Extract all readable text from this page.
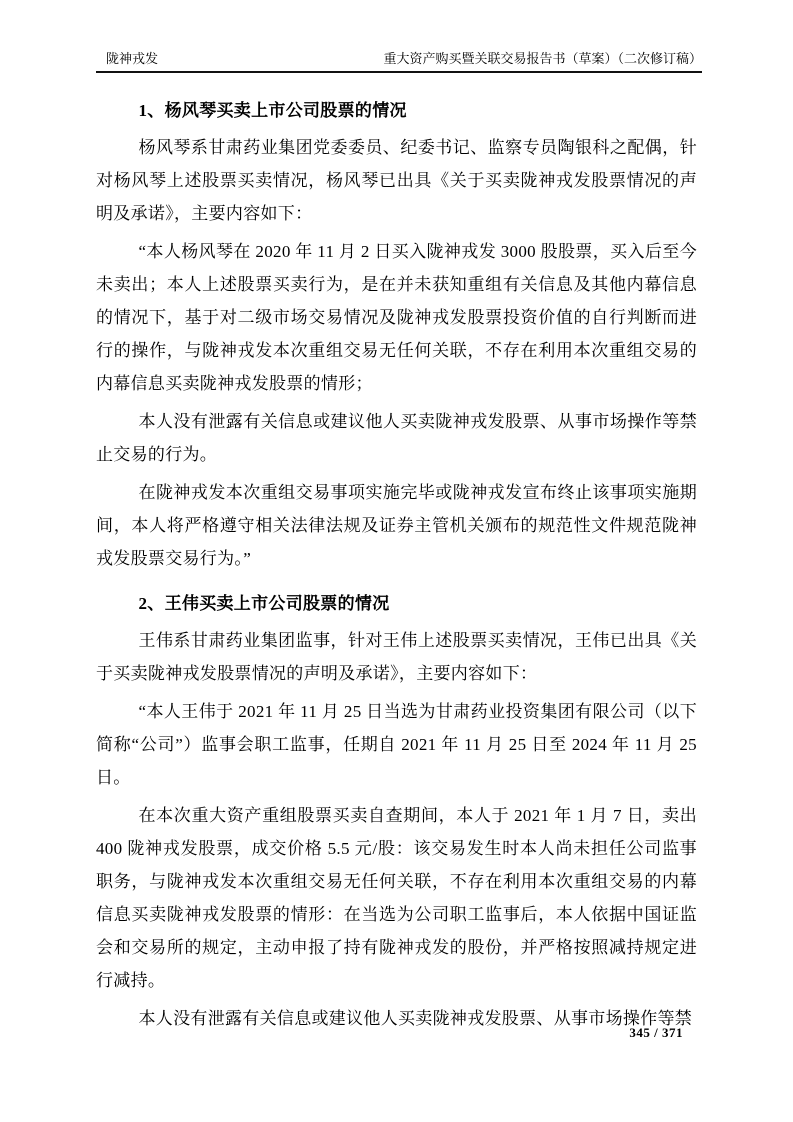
陇神戎发	重大资产购买暨关联交易报告书（草案）（二次修订稿）
1、杨风琴买卖上市公司股票的情况

杨风琴系甘肃药业集团党委委员、纪委书记、监察专员陶银科之配偶，针对杨风琴上述股票买卖情况，杨风琴已出具《关于买卖陇神戎发股票情况的声明及承诺》，主要内容如下：

“本人杨风琴在 2020 年 11 月 2 日买入陇神戎发 3000 股股票，买入后至今未卖出；本人上述股票买卖行为，是在并未获知重组有关信息及其他内幕信息的情况下，基于对二级市场交易情况及陇神戎发股票投资价值的自行判断而进行的操作，与陇神戎发本次重组交易无任何关联，不存在利用本次重组交易的内幕信息买卖陇神戎发股票的情形；

本人没有泄露有关信息或建议他人买卖陇神戎发股票、从事市场操作等禁止交易的行为。

在陇神戎发本次重组交易事项实施完毕或陇神戎发宣布终止该事项实施期间，本人将严格遵守相关法律法规及证券主管机关颁布的规范性文件规范陇神戎发股票交易行为。”

2、王伟买卖上市公司股票的情况

王伟系甘肃药业集团监事，针对王伟上述股票买卖情况，王伟已出具《关于买卖陇神戎发股票情况的声明及承诺》，主要内容如下：

“本人王伟于 2021 年 11 月 25 日当选为甘肃药业投资集团有限公司（以下简称“公司”）监事会职工监事，任期自 2021 年 11 月 25 日至 2024 年 11 月 25 日。

在本次重大资产重组股票买卖自查期间，本人于 2021 年 1 月 7 日，卖出 400 陇神戎发股票，成交价格 5.5 元/股：该交易发生时本人尚未担任公司监事职务，与陇神戎发本次重组交易无任何关联，不存在利用本次重组交易的内幕信息买卖陇神戎发股票的情形：在当选为公司职工监事后，本人依据中国证监会和交易所的规定，主动申报了持有陇神戎发的股份，并严格按照减持规定进行减持。

本人没有泄露有关信息或建议他人买卖陇神戎发股票、从事市场操作等禁

345 / 371
